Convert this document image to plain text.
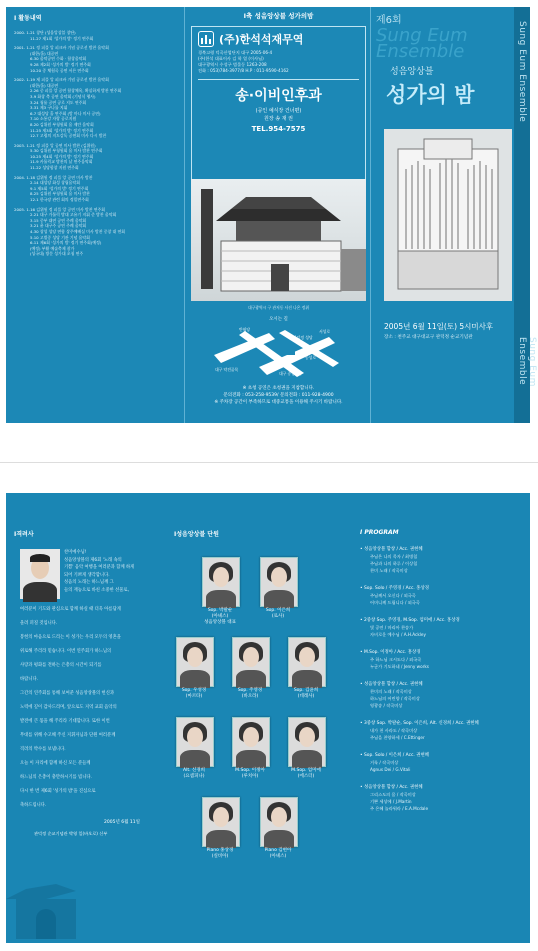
I 활동내역
2000. 1.21 창단 (성음앙상블 창단)
11.27 제1회 '성가의 밤' 정기 연주회
2001. 1.21 정 피플 앙 피크바 기념 공로선 밤찬 음악회
(대한/홀) 대공연
6.30 음악공연 수화 · 합창음악회
9.28 제2회 '성가의 밤' 정기 연주회
10.20 중 체험곡 공연 서른 연주회
2002. 1.19 제 피플 앙 피크바 기념 공로선 밤찬 음악회
(대한/홀) 대공연
2.26 중 피플 앙 공연 합창체육, 확실하게 밤찬 연주회
3.9 화창 축 공연 음악회 (기념식 행사)
3.24 청롤 공연 공로 지도 연주회
3.31 제3 구나를 지휘
6.7 대성당 홀 연주회 (밤 마나 미사 공연)
7.10 소통강 자랑 공로지원
8.20 김위원 부청원회 음 제안 음악회
11.25 제3회 '성가의 밤' 정기 연주회
12.7 고령의 지도감독 공연회 미사 다시 밤찬
2003. 1.21 정 피플 앙 공연 미사 밤찬 (김위원)
5.30 김위원 부청원회 음 미사 밤찬 연주회
10.25 제4회 '성가의 밤' 정기 연주회
11.9 카톨릭교 밤찬의 날 연주음악회
11.22 성당합창 지원 연주회
2004. 1.18 김위원 정 피플 앙 공연 미사 밤찬
2.14 대성당 화성 창립음악회
9.1 제5회 '성가의 밤' 정기 연주회
8.25 김위원 부청원회 음 미사 밤찬
12.1 한국장 관련 회의 정밀연주회
2005. 1.16 김위원 정 피플 앙 공연 미사 밤찬 연주회
2.21 대구 가톨릭 밤대 고유기 지휘 준 밤찬 음악회
3.15 중부 대연 공연 주례 음악회
3.21 윤 대구주 공연 주례 음악회
4.30 창성 성당 연합 상주예배실 미사 밤찬 중창 대 연회
5.10 고별중 성당 기관 기념 음악회
6.11 제6회 '성가의 밤' 정기 연주회(예정)
(예정) 부활 예술축제 참가
(성국대) 방문 성가대 초청 연주
I축 성음앙상블 성가의밤
(주)한석석재무역
경북고령 덕곡산업단지 대구 2005-06-4
(주)한석 대표이사 김 학 열 (이사님)
대구광역시 수성구 범물동 1263-208
전화 : 053)784-3977/8 H.P : 011-9590-4162
송·이비인후과
(공인 예식장 건너편)
원장 송 재 권
TEL.954-7575
대구광역시 구 관저동 사진 나온 정취
오시는 길
관덕정 성당
대구 약전골목
대구 중앙초등
동성로
반월당	서성로
※ 초청 공연은 초청권을 지참합니다.
문의전화 : 053-258-9539/ 문의전화 : 011-928-4900
※ 주차장 공간이 부족하므로 대중교통을 이용해 주시기 바랍니다.
제6회
Sung Eum Ensemble
성음앙상블
성가의 밤
2005년 6월 11일(토) 5시미사후
장소 : 천주교 대구대교구 관덕정 순교기념관
Sung Eum Ensemble
Sung Eum Ensemble
I격려사
찬미예수님!
성음앙상블의 제6회 '노래 속의
기쁨' 음악 여행을 여러분과 함께 하게
되어 기쁘게 생각합니다.
성음의 노래는 하느님께 그
들의 재능으로 바친 소중한 선물로,
여러분이 기도와 관심으로 함께 하실 때 더욱 아름답게
울려 퍼질 것입니다.
봉헌의 마음으로 드리는 이 성가는 우리 모두의 영혼을
위로해 주리라 믿습니다. 이번 연주회가 하느님의
사랑과 평화를 전하는 은총의 시간이 되기를
바랍니다.
그간의 연주회를 통해 보여준 성음앙상블의 헌신과
노력에 깊이 감사드리며, 앞으로도 지역 교회 음악의
발전에 큰 몫을 해 주리라 기대합니다. 또한 이번
무대를 위해 수고해 주신 지휘자님과 단원 여러분께
격려의 박수를 보냅니다.
오늘 이 자리에 함께 하신 모든 분들께
하느님의 은총이 충만하시기를 빕니다.
다시 한 번 제6회 '성가의 밤'을 진심으로
축하드립니다.
2005년 6월 11일
관덕정 순교기념관 박영 일(바오로) 신부
I성음앙상블 단원
Sop. 박팔순
(아녜스)
성음앙상블 대표
Sop. 이은희
(로사)
Sop. 우성경
(마르타)
Sop. 주영경
(바오라)
Sop. 김윤희
(데레사)
Alt. 신경희
(요셉피나)
M.Sop. 이정아
(루치아)
M.Sop. 엄미애
(에스더)
Piano 홍상경
(실비아)
Piano 김현아
(아녜스)
I PROGRAM
• 성음앙상블 합창 / Acc. 권현혜
주님은 나의 목자 / 최병철
주님과 나의 하루 / 이상철
찬미 노래 / 작곡미상
• Sop. Solo / 주영경 / Acc. 홍상경
주님께서 오신다 / 외국곡
어머니께 드립니다 / 외국곡
• 2중창 Sop. 주영경, M.Sop. 엄미애 / Acc. 홍상경
빛 공연 / 마리아 찬송가
자비로운 예수님 / A.H.Ackley
• M.Sop. 이정아 / Acc. 홍상경
주 하느님 크시도다 / 외국곡
누군가 기도하네 / Jenny works
• 성음앙상블 합창 / Acc. 권현혜
찬미의 노래 / 작곡미상
하느님의 어린양 / 작곡미상
영광송 / 작곡미상
• 3중창 Sop. 박팔순, Sop. 이은희, Alt. 신경희 / Acc. 권현혜
내가 천 사라도 / 작곡미상
주님을 찬양하세 / C.Ettinger
• Sop. Solo / 이은희 / Acc. 권현혜
거룩 / 작곡미상
Agnus Dei / G.Vitali
• 성음앙상블 합창 / Acc. 권현혜
그리스도의 몸 / 작곡미상
기쁜 세상에 / J.Martin
주 은혜 놀라워라 / E.A.Mcdale
